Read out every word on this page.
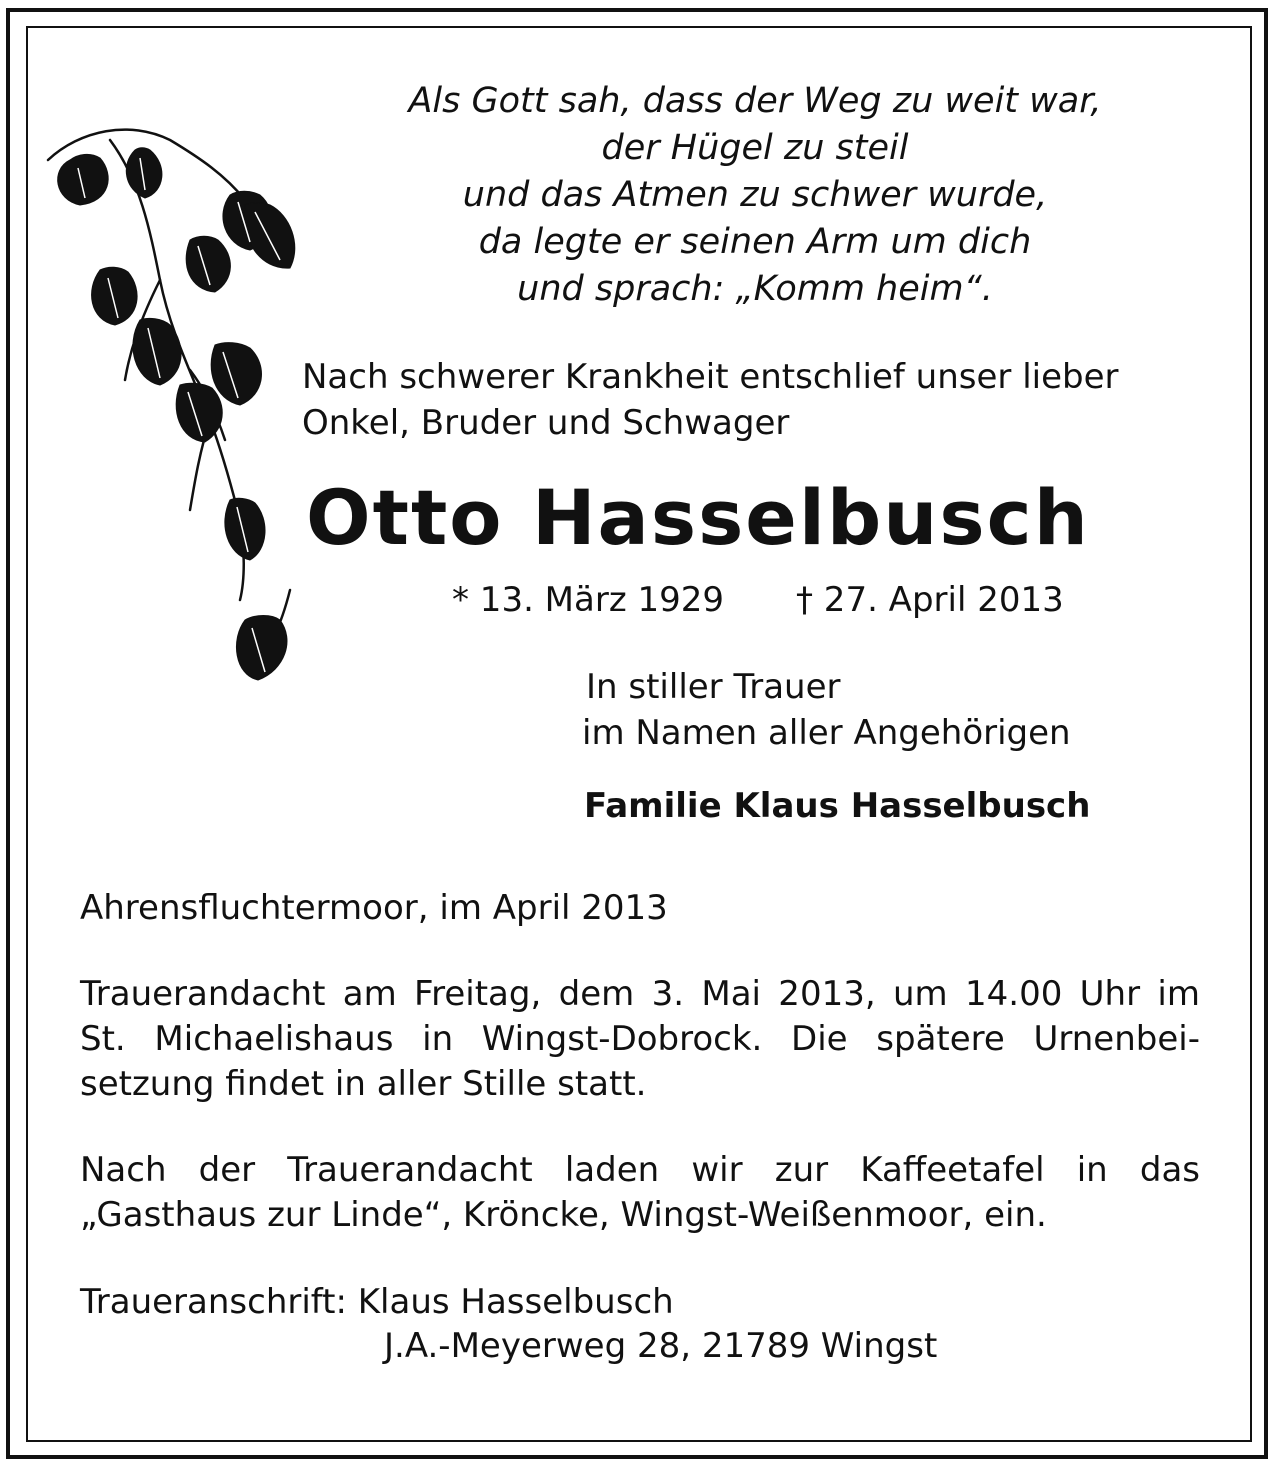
Als Gott sah, dass der Weg zu weit war,
der Hügel zu steil
und das Atmen zu schwer wurde,
da legte er seinen Arm um dich
und sprach: „Komm heim“.
Nach schwerer Krankheit entschlief unser lieber
Onkel, Bruder und Schwager
Otto Hasselbusch
* 13. März 1929 † 27. April 2013
In stiller Trauer
im Namen aller Angehörigen
Familie Klaus Hasselbusch
Ahrensfluchtermoor, im April 2013
Trauerandacht am Freitag, dem 3. Mai 2013, um 14.00 Uhr im
St. Michaelishaus in Wingst-Dobrock. Die spätere Urnenbei-
setzung findet in aller Stille statt.
Nach der Trauerandacht laden wir zur Kaffeetafel in das
„Gasthaus zur Linde“, Kröncke, Wingst-Weißenmoor, ein.
Traueranschrift: Klaus Hasselbusch
J.A.-Meyerweg 28, 21789 Wingst
